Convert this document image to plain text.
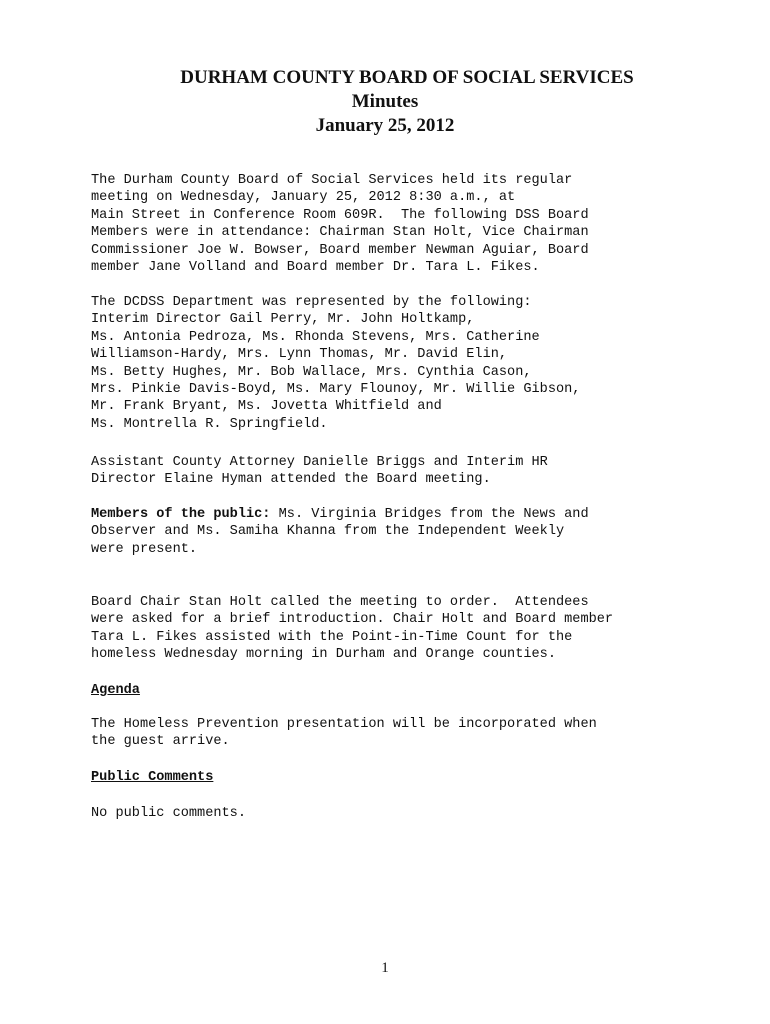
DURHAM COUNTY BOARD OF SOCIAL SERVICES
Minutes
January 25, 2012
The Durham County Board of Social Services held its regular
meeting on Wednesday, January 25, 2012 8:30 a.m., at
Main Street in Conference Room 609R.  The following DSS Board
Members were in attendance: Chairman Stan Holt, Vice Chairman
Commissioner Joe W. Bowser, Board member Newman Aguiar, Board
member Jane Volland and Board member Dr. Tara L. Fikes.
The DCDSS Department was represented by the following:
Interim Director Gail Perry, Mr. John Holtkamp,
Ms. Antonia Pedroza, Ms. Rhonda Stevens, Mrs. Catherine
Williamson-Hardy, Mrs. Lynn Thomas, Mr. David Elin,
Ms. Betty Hughes, Mr. Bob Wallace, Mrs. Cynthia Cason,
Mrs. Pinkie Davis-Boyd, Ms. Mary Flounoy, Mr. Willie Gibson,
Mr. Frank Bryant, Ms. Jovetta Whitfield and
Ms. Montrella R. Springfield.
Assistant County Attorney Danielle Briggs and Interim HR
Director Elaine Hyman attended the Board meeting.
Members of the public: Ms. Virginia Bridges from the News and
Observer and Ms. Samiha Khanna from the Independent Weekly
were present.
Board Chair Stan Holt called the meeting to order.  Attendees
were asked for a brief introduction. Chair Holt and Board member
Tara L. Fikes assisted with the Point-in-Time Count for the
homeless Wednesday morning in Durham and Orange counties.
Agenda
The Homeless Prevention presentation will be incorporated when
the guest arrive.
Public Comments
No public comments.
1
